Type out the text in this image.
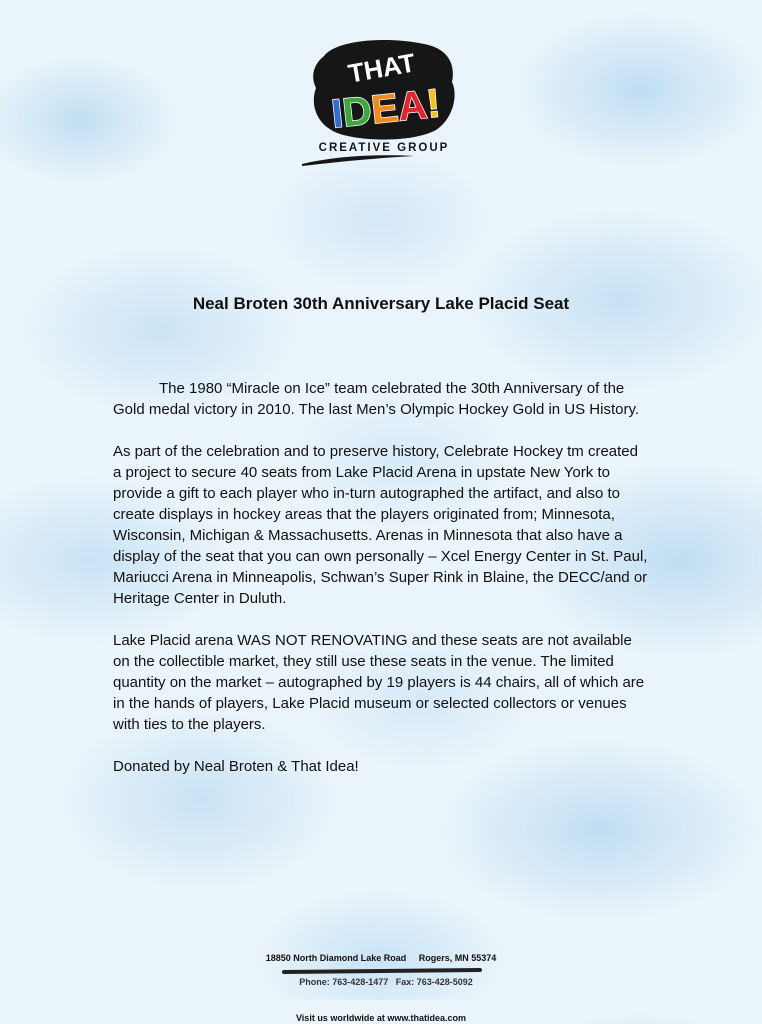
THAT	TM
IDEA!
CREATIVE GROUP
Neal Broten 30th Anniversary Lake Placid Seat

The 1980 “Miracle on Ice” team celebrated the 30th Anniversary of the Gold medal victory in 2010. The last Men’s Olympic Hockey Gold in US History.

As part of the celebration and to preserve history, Celebrate Hockey tm created a project to secure 40 seats from Lake Placid Arena in upstate New York to provide a gift to each player who in-turn autographed the artifact, and also to create displays in hockey areas that the players originated from; Minnesota, Wisconsin, Michigan & Massachusetts. Arenas in Minnesota that also have a display of the seat that you can own personally – Xcel Energy Center in St. Paul, Mariucci Arena in Minneapolis, Schwan’s Super Rink in Blaine, the DECC/and or Heritage Center in Duluth.

Lake Placid arena WAS NOT RENOVATING and these seats are not available on the collectible market, they still use these seats in the venue. The limited quantity on the market – autographed by 19 players is 44 chairs, all of which are in the hands of players, Lake Placid museum or selected collectors or venues with ties to the players.

Donated by Neal Broten & That Idea!

18850 North Diamond Lake Road     Rogers, MN 55374

Phone: 763-428-1477   Fax: 763-428-5092

Visit us worldwide at www.thatidea.com
